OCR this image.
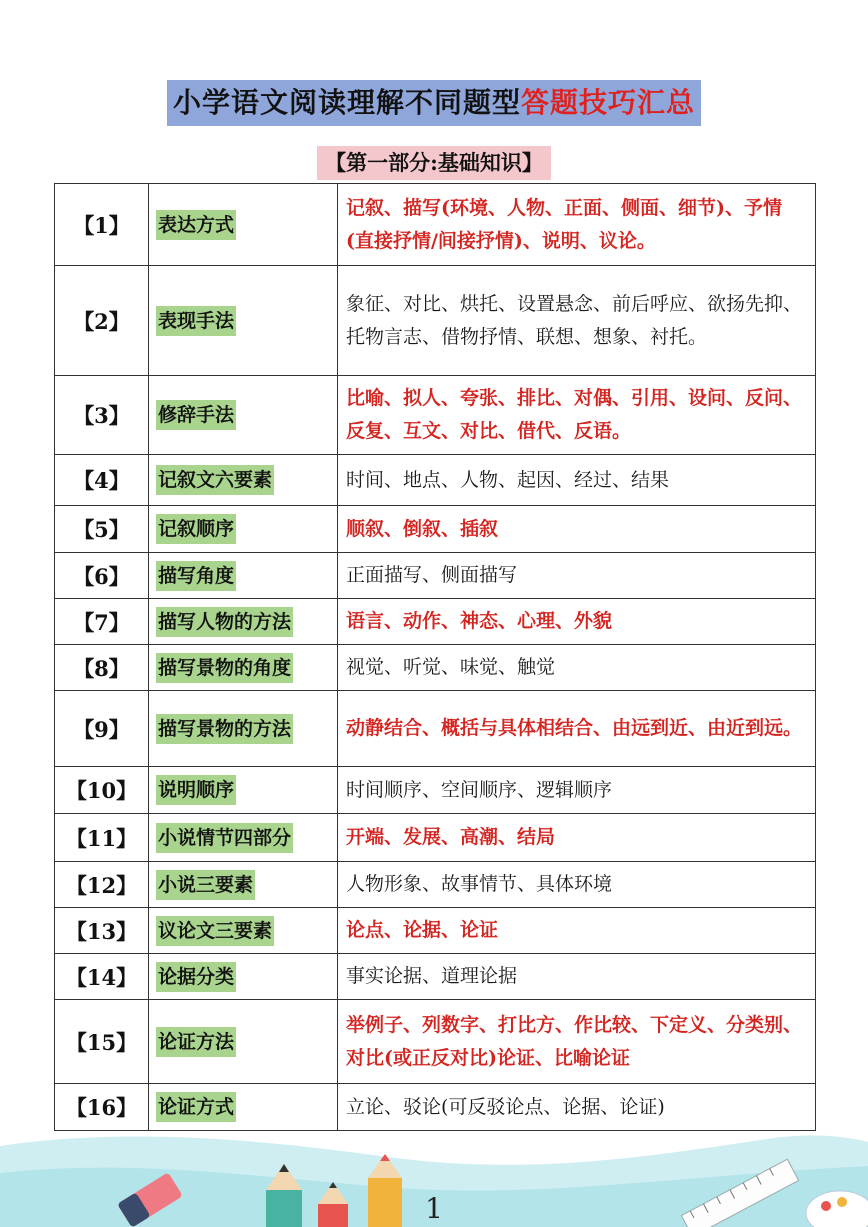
小学语文阅读理解不同题型答题技巧汇总
【第一部分:基础知识】
【1】	表达方式	记叙、描写(环境、人物、正面、侧面、细节)、予情(直接抒情/间接抒情)、说明、议论。
【2】	表现手法	象征、对比、烘托、设置悬念、前后呼应、欲扬先抑、托物言志、借物抒情、联想、想象、衬托。
【3】	修辞手法	比喻、拟人、夸张、排比、对偶、引用、设问、反问、反复、互文、对比、借代、反语。
【4】	记叙文六要素	时间、地点、人物、起因、经过、结果
【5】	记叙顺序	顺叙、倒叙、插叙
【6】	描写角度	正面描写、侧面描写
【7】	描写人物的方法	语言、动作、神态、心理、外貌
【8】	描写景物的角度	视觉、听觉、味觉、触觉
【9】	描写景物的方法	动静结合、概括与具体相结合、由远到近、由近到远。
【10】	说明顺序	时间顺序、空间顺序、逻辑顺序
【11】	小说情节四部分	开端、发展、高潮、结局
【12】	小说三要素	人物形象、故事情节、具体环境
【13】	议论文三要素	论点、论据、论证
【14】	论据分类	事实论据、道理论据
【15】	论证方法	举例子、列数字、打比方、作比较、下定义、分类别、对比(或正反对比)论证、比喻论证
【16】	论证方式	立论、驳论(可反驳论点、论据、论证)
1
